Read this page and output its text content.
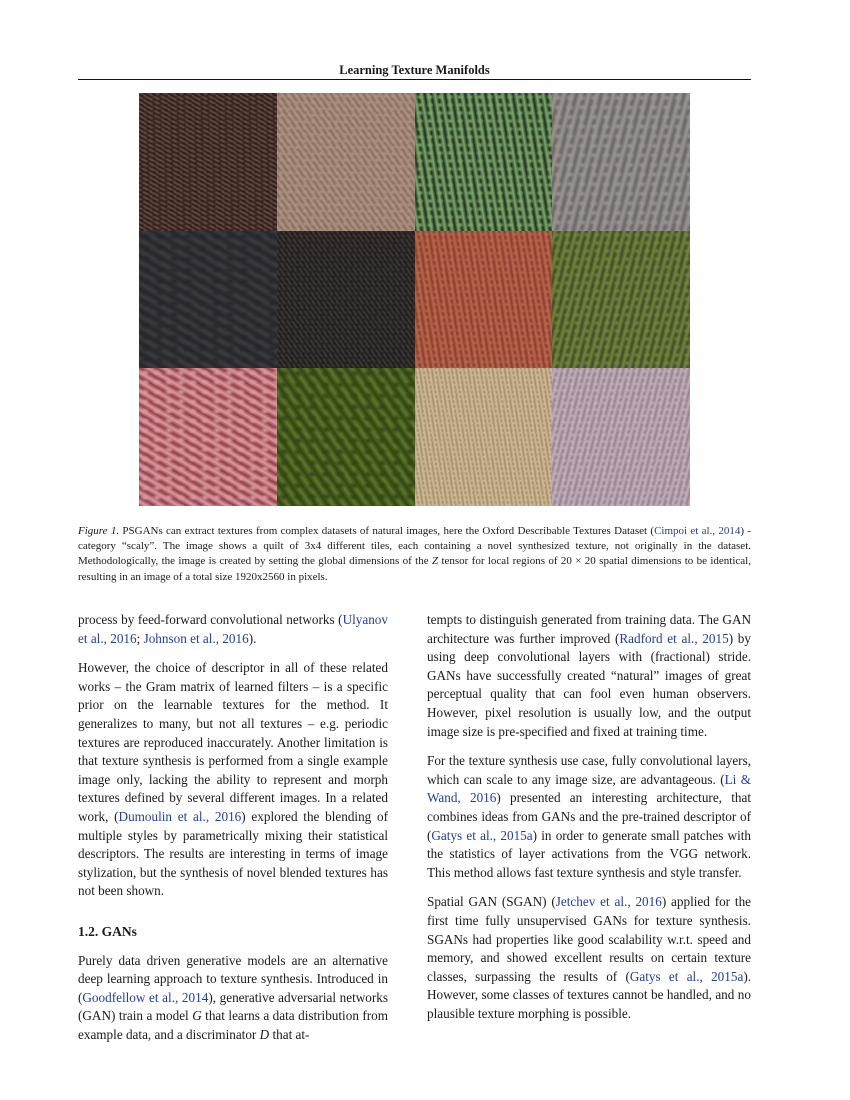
Learning Texture Manifolds
Figure 1. PSGANs can extract textures from complex datasets of natural images, here the Oxford Describable Textures Dataset (Cimpoi et al., 2014) - category “scaly”. The image shows a quilt of 3x4 different tiles, each containing a novel synthesized texture, not originally in the dataset. Methodologically, the image is created by setting the global dimensions of the Z tensor for local regions of 20 × 20 spatial dimensions to be identical, resulting in an image of a total size 1920x2560 in pixels.

process by feed-forward convolutional networks (Ulyanov et al., 2016; Johnson et al., 2016).

However, the choice of descriptor in all of these related works – the Gram matrix of learned filters – is a specific prior on the learnable textures for the method. It generalizes to many, but not all textures – e.g. periodic textures are reproduced inaccurately. Another limitation is that texture synthesis is performed from a single example image only, lacking the ability to represent and morph textures defined by several different images. In a related work, (Dumoulin et al., 2016) explored the blending of multiple styles by parametrically mixing their statistical descriptors. The results are interesting in terms of image stylization, but the synthesis of novel blended textures has not been shown.

1.2. GANs

Purely data driven generative models are an alternative deep learning approach to texture synthesis. Introduced in (Goodfellow et al., 2014), generative adversarial networks (GAN) train a model G that learns a data distribution from example data, and a discriminator D that at-

tempts to distinguish generated from training data. The GAN architecture was further improved (Radford et al., 2015) by using deep convolutional layers with (fractional) stride. GANs have successfully created “natural” images of great perceptual quality that can fool even human observers. However, pixel resolution is usually low, and the output image size is pre-specified and fixed at training time.

For the texture synthesis use case, fully convolutional layers, which can scale to any image size, are advantageous. (Li & Wand, 2016) presented an interesting architecture, that combines ideas from GANs and the pre-trained descriptor of (Gatys et al., 2015a) in order to generate small patches with the statistics of layer activations from the VGG network. This method allows fast texture synthesis and style transfer.

Spatial GAN (SGAN) (Jetchev et al., 2016) applied for the first time fully unsupervised GANs for texture synthesis. SGANs had properties like good scalability w.r.t. speed and memory, and showed excellent results on certain texture classes, surpassing the results of (Gatys et al., 2015a). However, some classes of textures cannot be handled, and no plausible texture morphing is possible.
